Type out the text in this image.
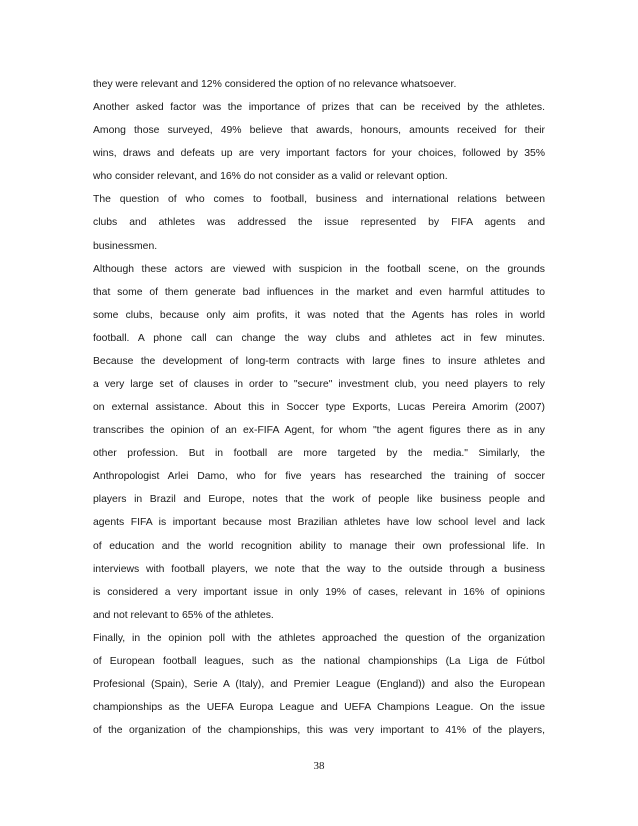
they were relevant and 12% considered the option of no relevance whatsoever.
Another asked factor was the importance of prizes that can be received by the athletes.
Among those surveyed, 49% believe that awards, honours, amounts received for their
wins, draws and defeats up are very important factors for your choices, followed by 35%
who consider relevant, and 16% do not consider as a valid or relevant option.
The question of who comes to football, business and international relations between
clubs and athletes was addressed the issue represented by FIFA agents and
businessmen.
Although these actors are viewed with suspicion in the football scene, on the grounds
that some of them generate bad influences in the market and even harmful attitudes to
some clubs, because only aim profits, it was noted that the Agents has roles in world
football. A phone call can change the way clubs and athletes act in few minutes.
Because the development of long-term contracts with large fines to insure athletes and
a very large set of clauses in order to "secure" investment club, you need players to rely
on external assistance. About this in Soccer type Exports, Lucas Pereira Amorim (2007)
transcribes the opinion of an ex-FIFA Agent, for whom "the agent figures there as in any
other profession. But in football are more targeted by the media." Similarly, the
Anthropologist Arlei Damo, who for five years has researched the training of soccer
players in Brazil and Europe, notes that the work of people like business people and
agents FIFA is important because most Brazilian athletes have low school level and lack
of education and the world recognition ability to manage their own professional life. In
interviews with football players, we note that the way to the outside through a business
is considered a very important issue in only 19% of cases, relevant in 16% of opinions
and not relevant to 65% of the athletes.
Finally, in the opinion poll with the athletes approached the question of the organization
of European football leagues, such as the national championships (La Liga de Fútbol
Profesional (Spain), Serie A (Italy), and Premier League (England)) and also the European
championships as the UEFA Europa League and UEFA Champions League. On the issue
of the organization of the championships, this was very important to 41% of the players,
38
